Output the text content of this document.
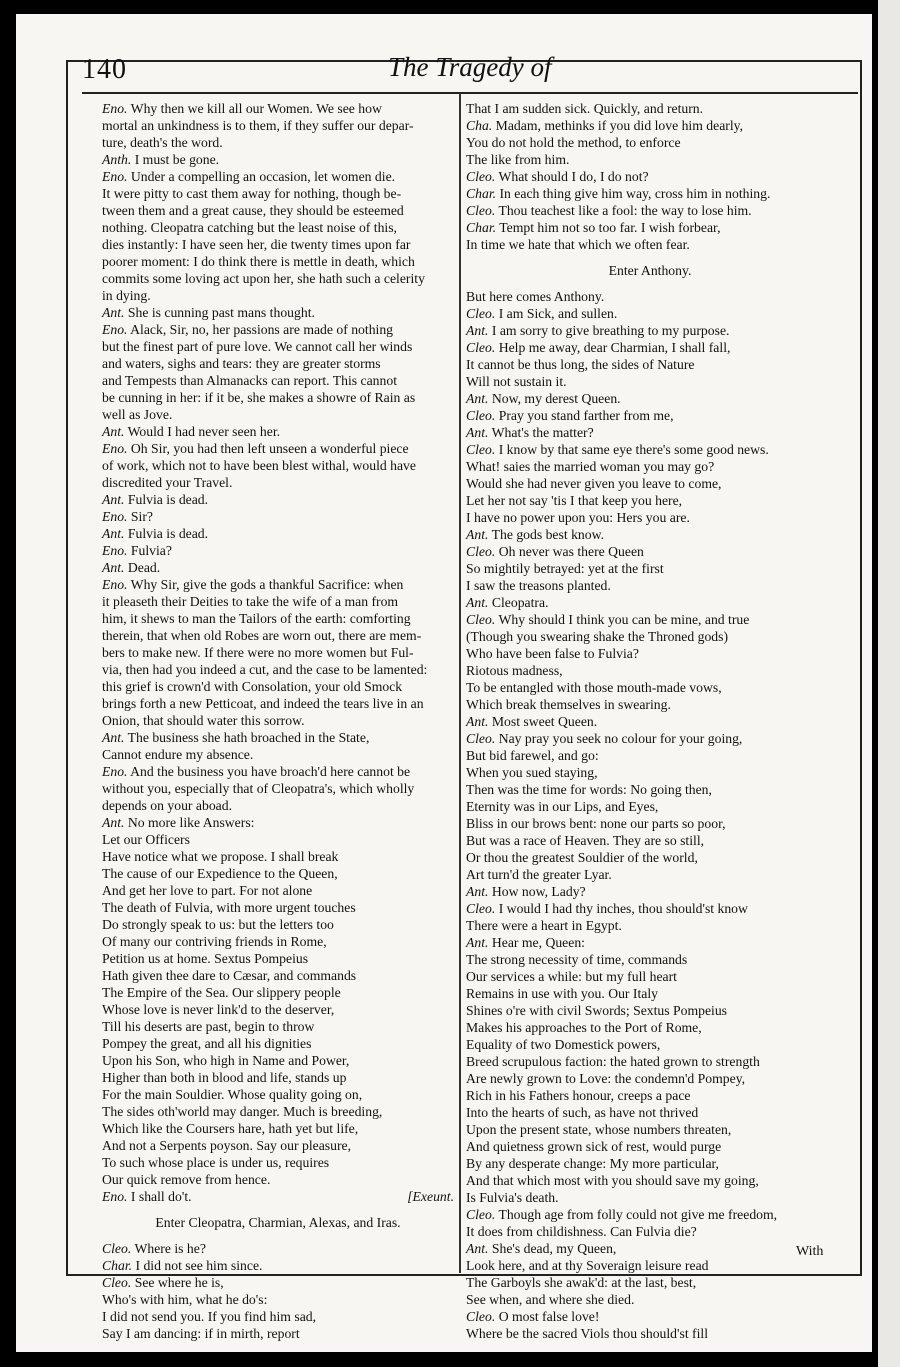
140	The Tragedy of
Eno. Why then we kill all our Women. We see how
mortal an unkindness is to them, if they suffer our depar-
ture, death's the word.
Anth. I must be gone.
Eno. Under a compelling an occasion, let women die.
It were pitty to cast them away for nothing, though be-
tween them and a great cause, they should be esteemed
nothing. Cleopatra catching but the least noise of this,
dies instantly: I have seen her, die twenty times upon far
poorer moment: I do think there is mettle in death, which
commits some loving act upon her, she hath such a celerity
in dying.
Ant. She is cunning past mans thought.
Eno. Alack, Sir, no, her passions are made of nothing
but the finest part of pure love. We cannot call her winds
and waters, sighs and tears: they are greater storms
and Tempests than Almanacks can report. This cannot
be cunning in her: if it be, she makes a showre of Rain as
well as Jove.
Ant. Would I had never seen her.
Eno. Oh Sir, you had then left unseen a wonderful piece
of work, which not to have been blest withal, would have
discredited your Travel.
Ant. Fulvia is dead.
Eno. Sir?
Ant. Fulvia is dead.
Eno. Fulvia?
Ant. Dead.
Eno. Why Sir, give the gods a thankful Sacrifice: when
it pleaseth their Deities to take the wife of a man from
him, it shews to man the Tailors of the earth: comforting
therein, that when old Robes are worn out, there are mem-
bers to make new. If there were no more women but Ful-
via, then had you indeed a cut, and the case to be lamented:
this grief is crown'd with Consolation, your old Smock
brings forth a new Petticoat, and indeed the tears live in an
Onion, that should water this sorrow.
Ant. The business she hath broached in the State,
Cannot endure my absence.
Eno. And the business you have broach'd here cannot be
without you, especially that of Cleopatra's, which wholly
depends on your aboad.
Ant. No more like Answers:
Let our Officers
Have notice what we propose. I shall break
The cause of our Expedience to the Queen,
And get her love to part. For not alone
The death of Fulvia, with more urgent touches
Do strongly speak to us: but the letters too
Of many our contriving friends in Rome,
Petition us at home. Sextus Pompeius
Hath given thee dare to Cæsar, and commands
The Empire of the Sea. Our slippery people
Whose love is never link'd to the deserver,
Till his deserts are past, begin to throw
Pompey the great, and all his dignities
Upon his Son, who high in Name and Power,
Higher than both in blood and life, stands up
For the main Souldier. Whose quality going on,
The sides oth'world may danger. Much is breeding,
Which like the Coursers hare, hath yet but life,
And not a Serpents poyson. Say our pleasure,
To such whose place is under us, requires
Our quick remove from hence.
Eno. I shall do't.	[Exeunt.
Enter Cleopatra, Charmian, Alexas, and Iras.
Cleo. Where is he?
Char. I did not see him since.
Cleo. See where he is,
Who's with him, what he do's:
I did not send you. If you find him sad,
Say I am dancing: if in mirth, report
That I am sudden sick. Quickly, and return.
Cha. Madam, methinks if you did love him dearly,
You do not hold the method, to enforce
The like from him.
Cleo. What should I do, I do not?
Char. In each thing give him way, cross him in nothing.
Cleo. Thou teachest like a fool: the way to lose him.
Char. Tempt him not so too far. I wish forbear,
In time we hate that which we often fear.
Enter Anthony.
But here comes Anthony.
Cleo. I am Sick, and sullen.
Ant. I am sorry to give breathing to my purpose.
Cleo. Help me away, dear Charmian, I shall fall,
It cannot be thus long, the sides of Nature
Will not sustain it.
Ant. Now, my derest Queen.
Cleo. Pray you stand farther from me,
Ant. What's the matter?
Cleo. I know by that same eye there's some good news.
What! saies the married woman you may go?
Would she had never given you leave to come,
Let her not say 'tis I that keep you here,
I have no power upon you: Hers you are.
Ant. The gods best know.
Cleo. Oh never was there Queen
So mightily betrayed: yet at the first
I saw the treasons planted.
Ant. Cleopatra.
Cleo. Why should I think you can be mine, and true
(Though you swearing shake the Throned gods)
Who have been false to Fulvia?
Riotous madness,
To be entangled with those mouth-made vows,
Which break themselves in swearing.
Ant. Most sweet Queen.
Cleo. Nay pray you seek no colour for your going,
But bid farewel, and go:
When you sued staying,
Then was the time for words: No going then,
Eternity was in our Lips, and Eyes,
Bliss in our brows bent: none our parts so poor,
But was a race of Heaven. They are so still,
Or thou the greatest Souldier of the world,
Art turn'd the greater Lyar.
Ant. How now, Lady?
Cleo. I would I had thy inches, thou should'st know
There were a heart in Egypt.
Ant. Hear me, Queen:
The strong necessity of time, commands
Our services a while: but my full heart
Remains in use with you. Our Italy
Shines o're with civil Swords; Sextus Pompeius
Makes his approaches to the Port of Rome,
Equality of two Domestick powers,
Breed scrupulous faction: the hated grown to strength
Are newly grown to Love: the condemn'd Pompey,
Rich in his Fathers honour, creeps a pace
Into the hearts of such, as have not thrived
Upon the present state, whose numbers threaten,
And quietness grown sick of rest, would purge
By any desperate change: My more particular,
And that which most with you should save my going,
Is Fulvia's death.
Cleo. Though age from folly could not give me freedom,
It does from childishness. Can Fulvia die?
Ant. She's dead, my Queen,
Look here, and at thy Soveraign leisure read
The Garboyls she awak'd: at the last, best,
See when, and where she died.
Cleo. O most false love!
Where be the sacred Viols thou should'st fill
With
